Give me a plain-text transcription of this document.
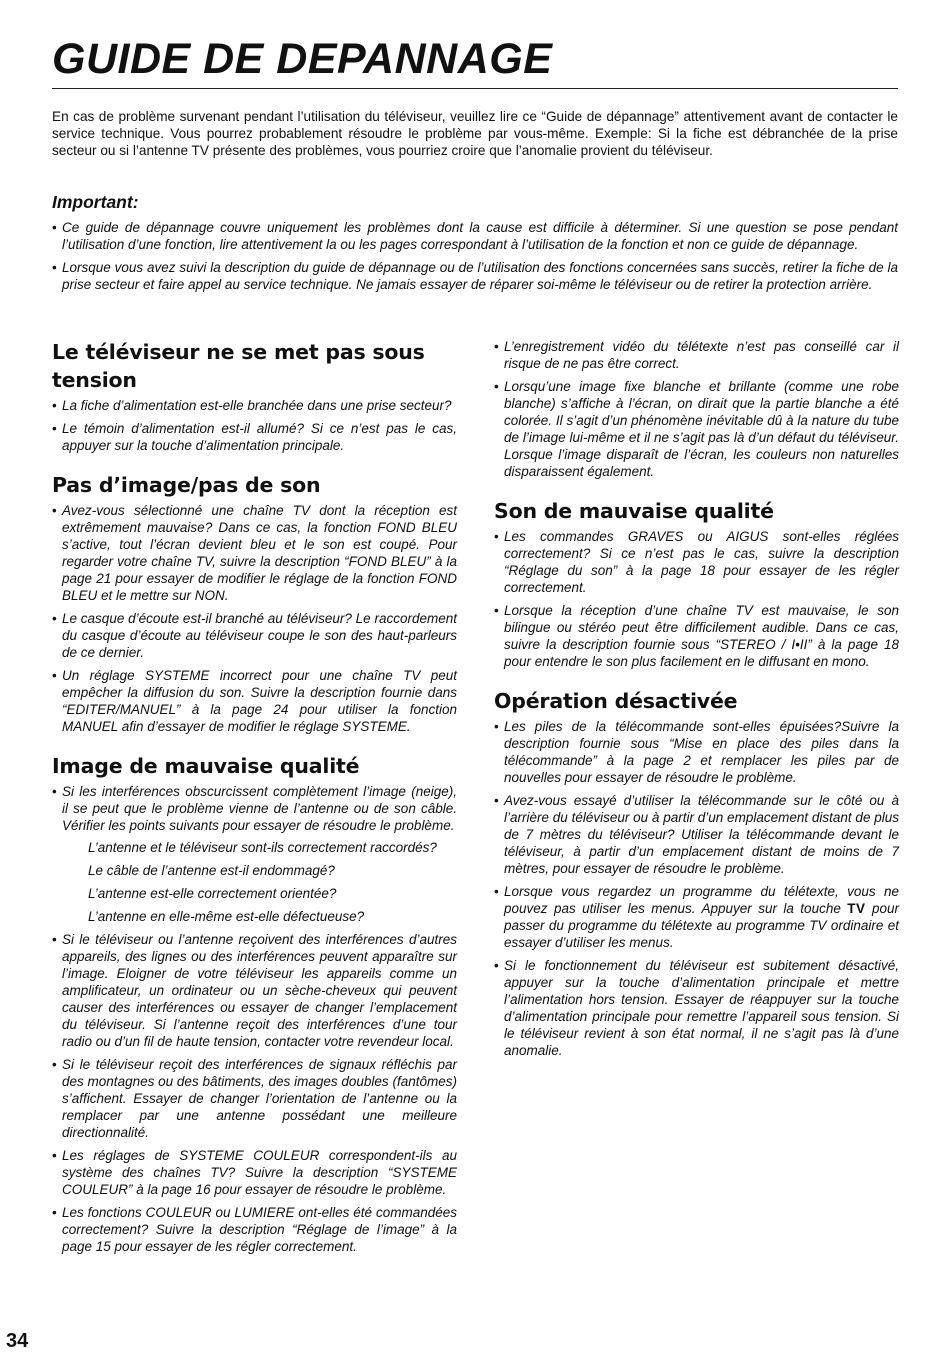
GUIDE DE DEPANNAGE

En cas de problème survenant pendant l’utilisation du téléviseur, veuillez lire ce “Guide de dépannage” attentivement avant de contacter le service technique. Vous pourrez probablement résoudre le problème par vous-même. Exemple: Si la fiche est débranchée de la prise secteur ou si l’antenne TV présente des problèmes, vous pourriez croire que l’anomalie provient du téléviseur.

Important:
• Ce guide de dépannage couvre uniquement les problèmes dont la cause est difficile à déterminer. Si une question se pose pendant l’utilisation d’une fonction, lire attentivement la ou les pages correspondant à l’utilisation de la fonction et non ce guide de dépannage.
• Lorsque vous avez suivi la description du guide de dépannage ou de l’utilisation des fonctions concernées sans succès, retirer la fiche de la prise secteur et faire appel au service technique. Ne jamais essayer de réparer soi-même le téléviseur ou de retirer la protection arrière.
Le téléviseur ne se met pas sous tension
• La fiche d’alimentation est-elle branchée dans une prise secteur?
• Le témoin d’alimentation est-il allumé? Si ce n’est pas le cas, appuyer sur la touche d’alimentation principale.
Pas d’image/pas de son
• Avez-vous sélectionné une chaîne TV dont la réception est extrêmement mauvaise? Dans ce cas, la fonction FOND BLEU s’active, tout l’écran devient bleu et le son est coupé. Pour regarder votre chaîne TV, suivre la description “FOND BLEU” à la page 21 pour essayer de modifier le réglage de la fonction FOND BLEU et le mettre sur NON.
• Le casque d’écoute est-il branché au téléviseur? Le raccordement du casque d’écoute au téléviseur coupe le son des haut-parleurs de ce dernier.
• Un réglage SYSTEME incorrect pour une chaîne TV peut empêcher la diffusion du son. Suivre la description fournie dans “EDITER/MANUEL” à la page 24 pour utiliser la fonction MANUEL afin d’essayer de modifier le réglage SYSTEME.
Image de mauvaise qualité
• Si les interférences obscurcissent complètement l’image (neige), il se peut que le problème vienne de l’antenne ou de son câble. Vérifier les points suivants pour essayer de résoudre le problème.
L’antenne et le téléviseur sont-ils correctement raccordés?
Le câble de l’antenne est-il endommagé?
L’antenne est-elle correctement orientée?
L’antenne en elle-même est-elle défectueuse?
• Si le téléviseur ou l’antenne reçoivent des interférences d’autres appareils, des lignes ou des interférences peuvent apparaître sur l’image. Eloigner de votre téléviseur les appareils comme un amplificateur, un ordinateur ou un sèche-cheveux qui peuvent causer des interférences ou essayer de changer l’emplacement du téléviseur. Si l’antenne reçoit des interférences d’une tour radio ou d’un fil de haute tension, contacter votre revendeur local.
• Si le téléviseur reçoit des interférences de signaux réfléchis par des montagnes ou des bâtiments, des images doubles (fantômes) s’affichent. Essayer de changer l’orientation de l’antenne ou la remplacer par une antenne possédant une meilleure directionnalité.
• Les réglages de SYSTEME COULEUR correspondent-ils au système des chaînes TV? Suivre la description “SYSTEME COULEUR” à la page 16 pour essayer de résoudre le problème.
• Les fonctions COULEUR ou LUMIERE ont-elles été commandées correctement? Suivre la description “Réglage de l’image” à la page 15 pour essayer de les régler correctement.
• L’enregistrement vidéo du télétexte n’est pas conseillé car il risque de ne pas être correct.
• Lorsqu’une image fixe blanche et brillante (comme une robe blanche) s’affiche à l’écran, on dirait que la partie blanche a été colorée. Il s’agit d’un phénomène inévitable dû à la nature du tube de l’image lui-même et il ne s’agit pas là d’un défaut du téléviseur. Lorsque l’image disparaît de l’écran, les couleurs non naturelles disparaissent également.
Son de mauvaise qualité
• Les commandes GRAVES ou AIGUS sont-elles réglées correctement? Si ce n’est pas le cas, suivre la description “Réglage du son” à la page 18 pour essayer de les régler correctement.
• Lorsque la réception d’une chaîne TV est mauvaise, le son bilingue ou stéréo peut être difficilement audible. Dans ce cas, suivre la description fournie sous “STEREO / I•II” à la page 18 pour entendre le son plus facilement en le diffusant en mono.
Opération désactivée
• Les piles de la télécommande sont-elles épuisées?Suivre la description fournie sous “Mise en place des piles dans la télécommande” à la page 2 et remplacer les piles par de nouvelles pour essayer de résoudre le problème.
• Avez-vous essayé d’utiliser la télécommande sur le côté ou à l’arrière du téléviseur ou à partir d’un emplacement distant de plus de 7 mètres du téléviseur? Utiliser la télécommande devant le téléviseur, à partir d’un emplacement distant de moins de 7 mètres, pour essayer de résoudre le problème.
• Lorsque vous regardez un programme du télétexte, vous ne pouvez pas utiliser les menus. Appuyer sur la touche TV pour passer du programme du télétexte au programme TV ordinaire et essayer d’utiliser les menus.
• Si le fonctionnement du téléviseur est subitement désactivé, appuyer sur la touche d’alimentation principale et mettre l’alimentation hors tension. Essayer de réappuyer sur la touche d’alimentation principale pour remettre l’appareil sous tension. Si le téléviseur revient à son état normal, il ne s’agit pas là d’une anomalie.
34
